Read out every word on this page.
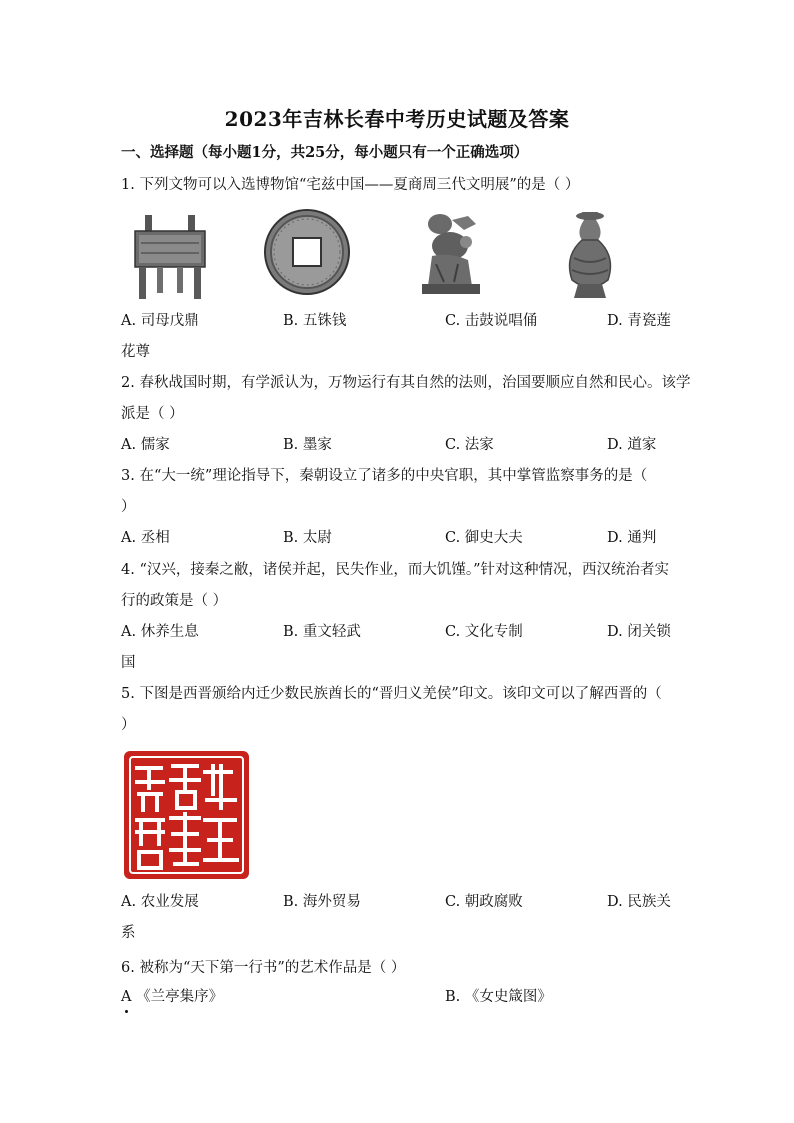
2023年吉林长春中考历史试题及答案
一、选择题（每小题1分，共25分，每小题只有一个正确选项）
1. 下列文物可以入选博物馆“宅兹中国——夏商周三代文明展”的是（ ）
A. 司母戊鼎	B. 五铢钱	C. 击鼓说唱俑	D. 青瓷莲
花尊
2. 春秋战国时期，有学派认为，万物运行有其自然的法则，治国要顺应自然和民心。该学
派是（ ）
A. 儒家	B. 墨家	C. 法家	D. 道家
3. 在“大一统”理论指导下，秦朝设立了诸多的中央官职，其中掌管监察事务的是（
）
A. 丞相	B. 太尉	C. 御史大夫	D. 通判
4. “汉兴，接秦之敝，诸侯并起，民失作业，而大饥馑。”针对这种情况，西汉统治者实
行的政策是（ ）
A. 休养生息	B. 重文轻武	C. 文化专制	D. 闭关锁
国
5. 下图是西晋颁给内迁少数民族酋长的“晋归义羌侯”印文。该印文可以了解西晋的（
）
A. 农业发展	B. 海外贸易	C. 朝政腐败	D. 民族关
系
6. 被称为“天下第一行书”的艺术作品是（ ）
A 《兰亭集序》	B. 《女史箴图》
